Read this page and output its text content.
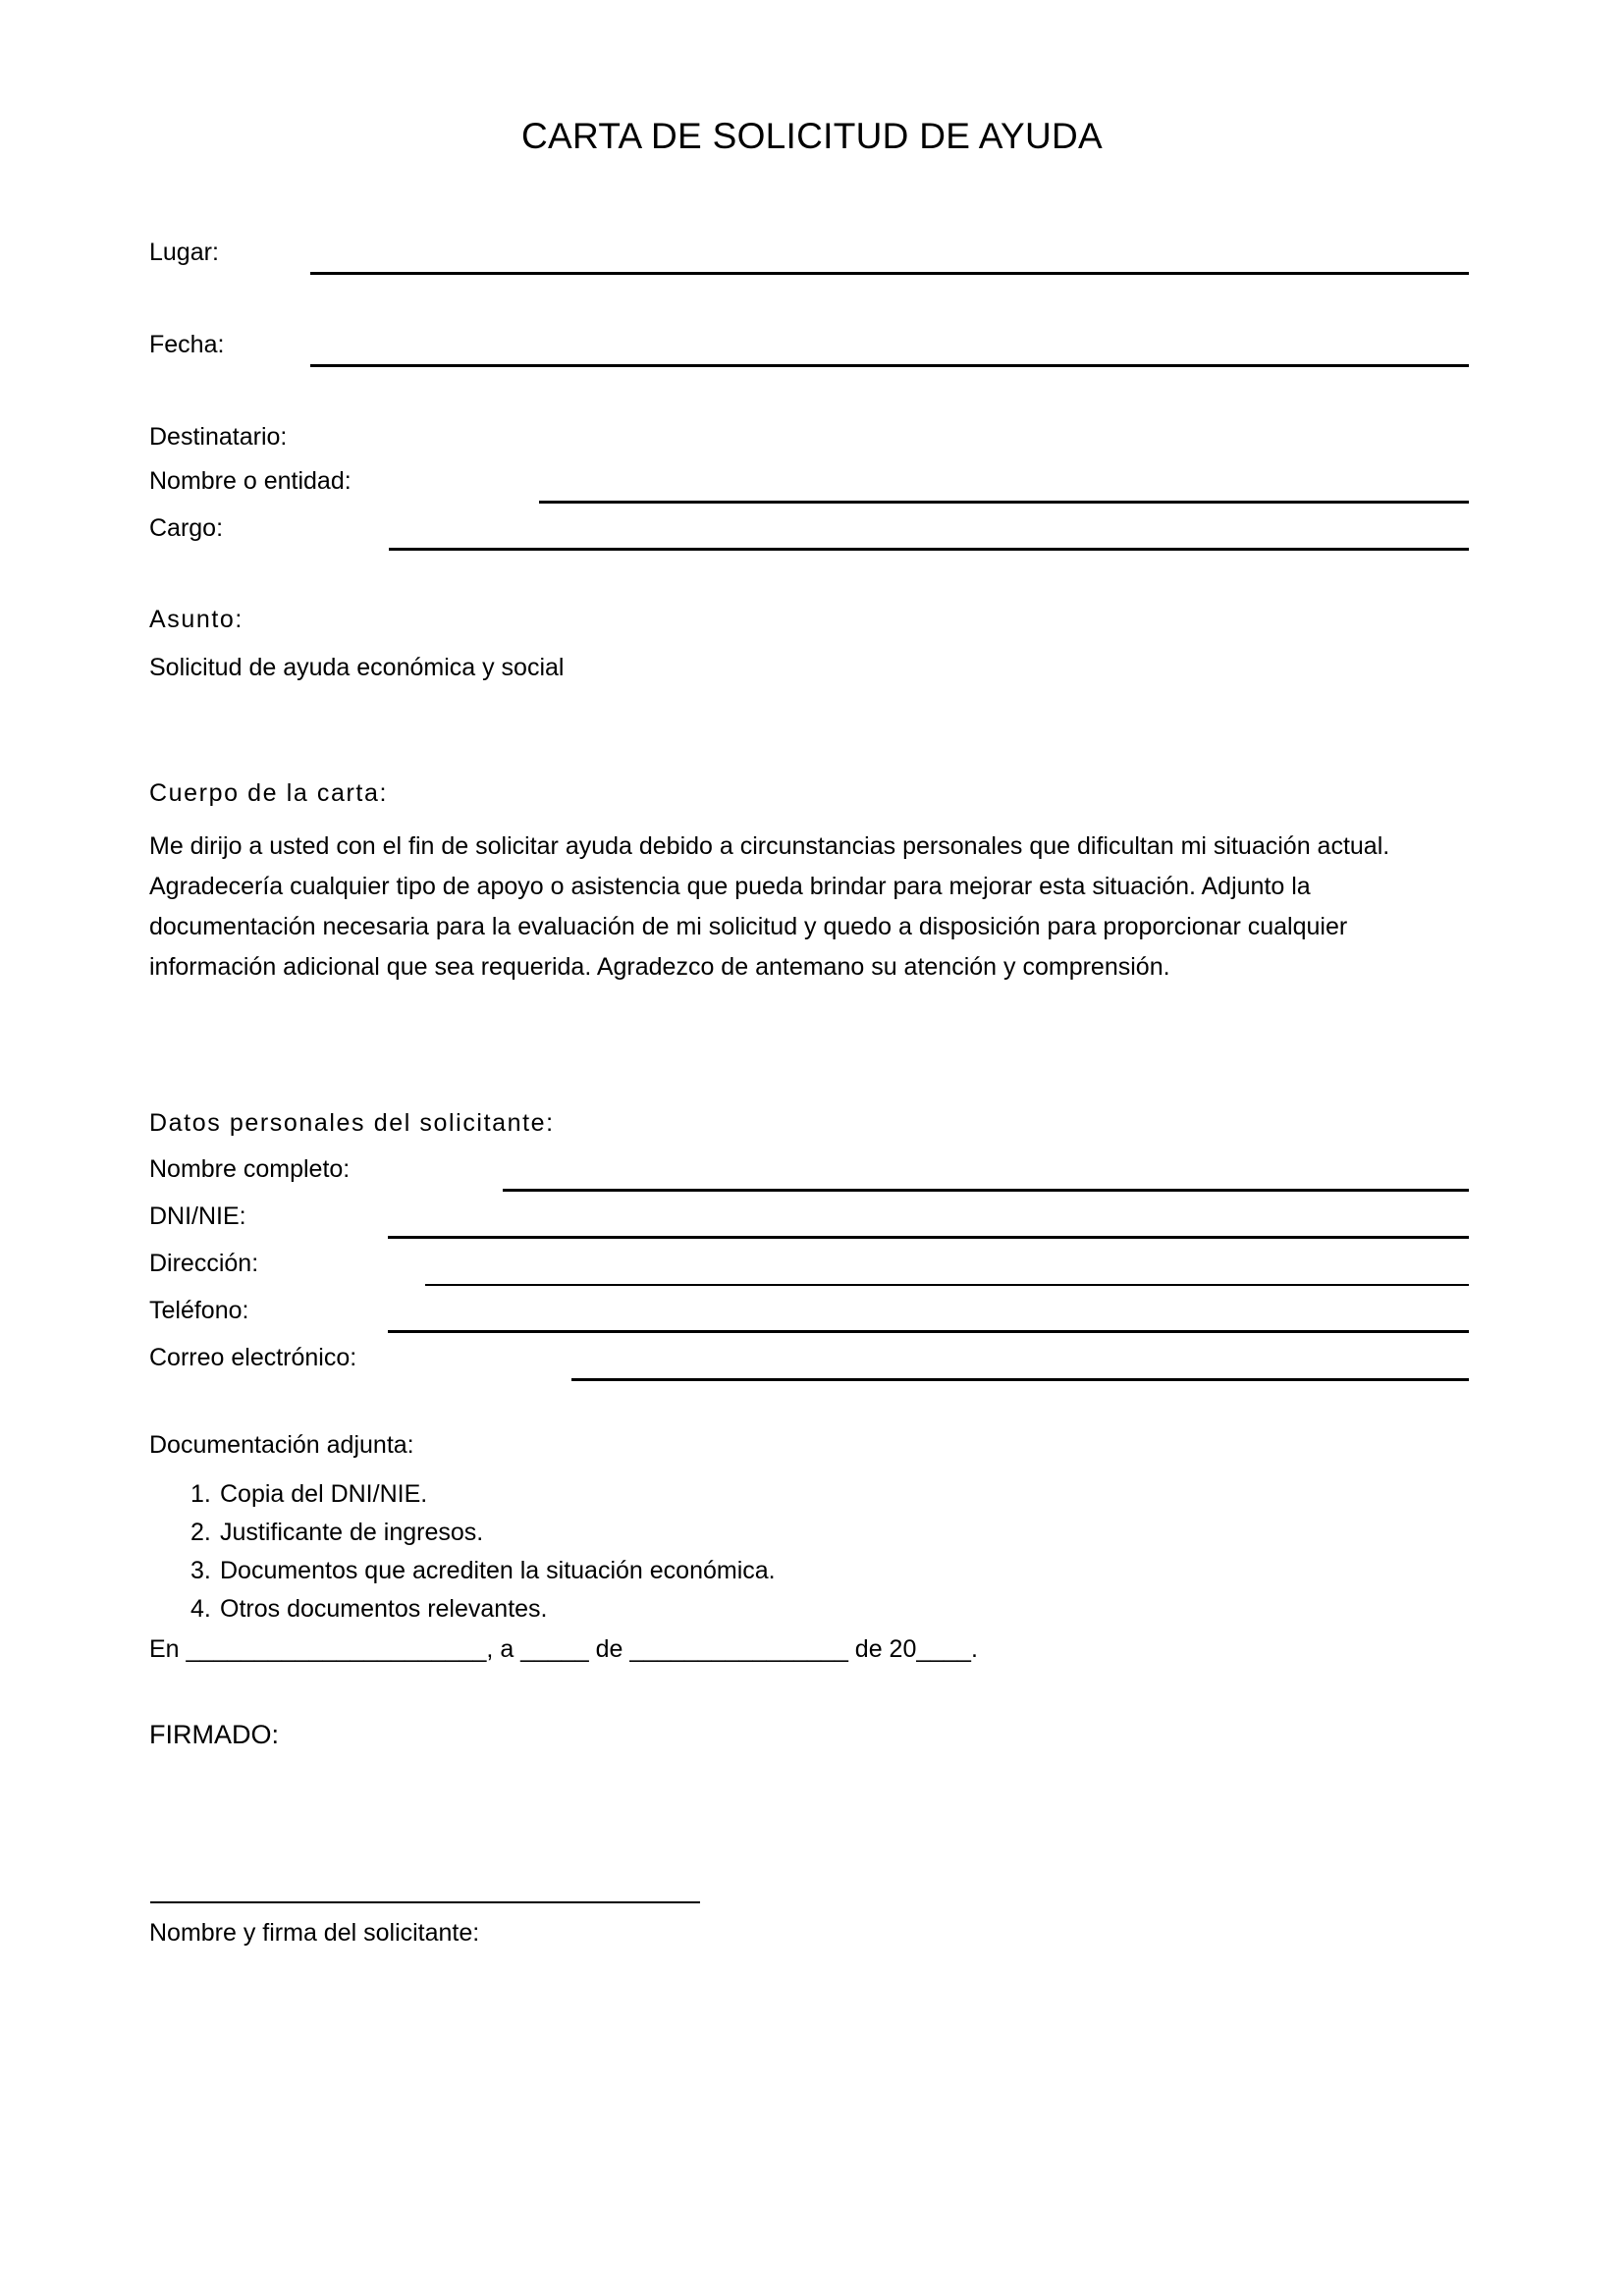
CARTA DE SOLICITUD DE AYUDA
Lugar:
Fecha:
Destinatario:
Nombre o entidad:
Cargo:
Asunto:
Solicitud de ayuda económica y social
Cuerpo de la carta:
Me dirijo a usted con el fin de solicitar ayuda debido a circunstancias personales que dificultan mi situación actual. Agradecería cualquier tipo de apoyo o asistencia que pueda brindar para mejorar esta situación. Adjunto la documentación necesaria para la evaluación de mi solicitud y quedo a disposición para proporcionar cualquier información adicional que sea requerida. Agradezco de antemano su atención y comprensión.
Datos personales del solicitante:
Nombre completo:
DNI/NIE:
Dirección:
Teléfono:
Correo electrónico:
Documentación adjunta:
1. Copia del DNI/NIE.
2. Justificante de ingresos.
3. Documentos que acrediten la situación económica.
4. Otros documentos relevantes.
En ______________________, a _____ de ________________ de 20____.
FIRMADO:
Nombre y firma del solicitante:
